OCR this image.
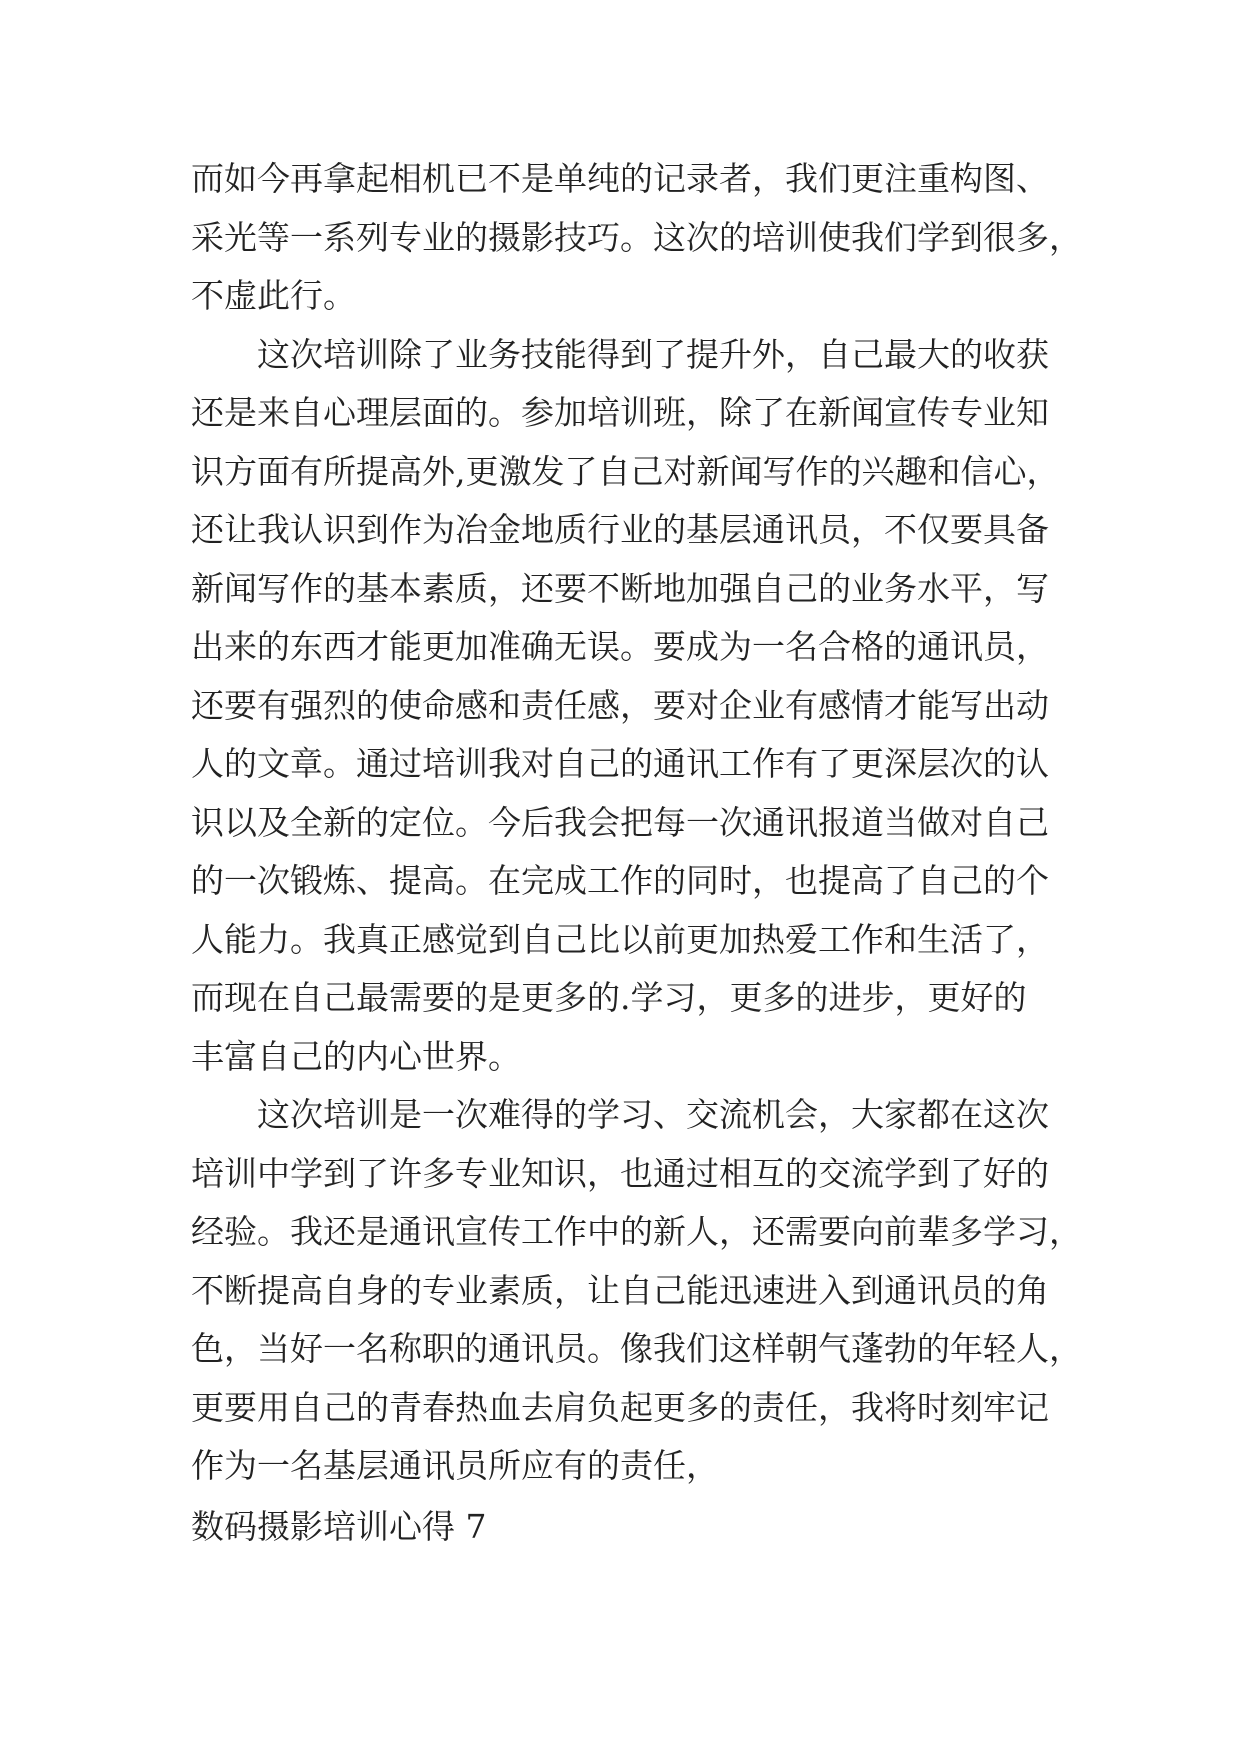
而如今再拿起相机已不是单纯的记录者，我们更注重构图、
采光等一系列专业的摄影技巧。这次的培训使我们学到很多，
不虚此行。
　　这次培训除了业务技能得到了提升外，自己最大的收获
还是来自心理层面的。参加培训班，除了在新闻宣传专业知
识方面有所提高外,更激发了自己对新闻写作的兴趣和信心，
还让我认识到作为冶金地质行业的基层通讯员，不仅要具备
新闻写作的基本素质，还要不断地加强自己的业务水平，写
出来的东西才能更加准确无误。要成为一名合格的通讯员，
还要有强烈的使命感和责任感，要对企业有感情才能写出动
人的文章。通过培训我对自己的通讯工作有了更深层次的认
识以及全新的定位。今后我会把每一次通讯报道当做对自己
的一次锻炼、提高。在完成工作的同时，也提高了自己的个
人能力。我真正感觉到自己比以前更加热爱工作和生活了，
而现在自己最需要的是更多的.学习，更多的进步，更好的
丰富自己的内心世界。
　　这次培训是一次难得的学习、交流机会，大家都在这次
培训中学到了许多专业知识，也通过相互的交流学到了好的
经验。我还是通讯宣传工作中的新人，还需要向前辈多学习，
不断提高自身的专业素质，让自己能迅速进入到通讯员的角
色，当好一名称职的通讯员。像我们这样朝气蓬勃的年轻人，
更要用自己的青春热血去肩负起更多的责任，我将时刻牢记
作为一名基层通讯员所应有的责任，
数码摄影培训心得 7
